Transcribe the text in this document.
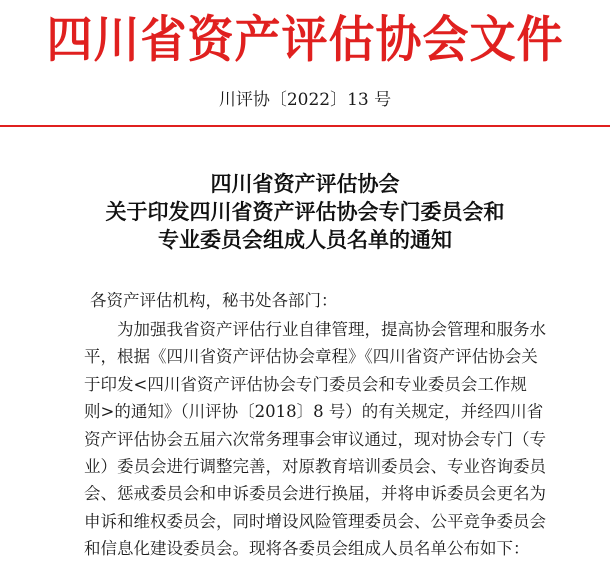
四川省资产评估协会文件
川评协〔2022〕13 号
四川省资产评估协会
关于印发四川省资产评估协会专门委员会和
专业委员会组成人员名单的通知
各资产评估机构，秘书处各部门：
　　为加强我省资产评估行业自律管理，提高协会管理和服务水
平，根据《四川省资产评估协会章程》《四川省资产评估协会关
于印发<四川省资产评估协会专门委员会和专业委员会工作规
则>的通知》（川评协〔2018〕8 号）的有关规定，并经四川省
资产评估协会五届六次常务理事会审议通过，现对协会专门（专
业）委员会进行调整完善，对原教育培训委员会、专业咨询委员
会、惩戒委员会和申诉委员会进行换届，并将申诉委员会更名为
申诉和维权委员会，同时增设风险管理委员会、公平竞争委员会
和信息化建设委员会。现将各委员会组成人员名单公布如下：
